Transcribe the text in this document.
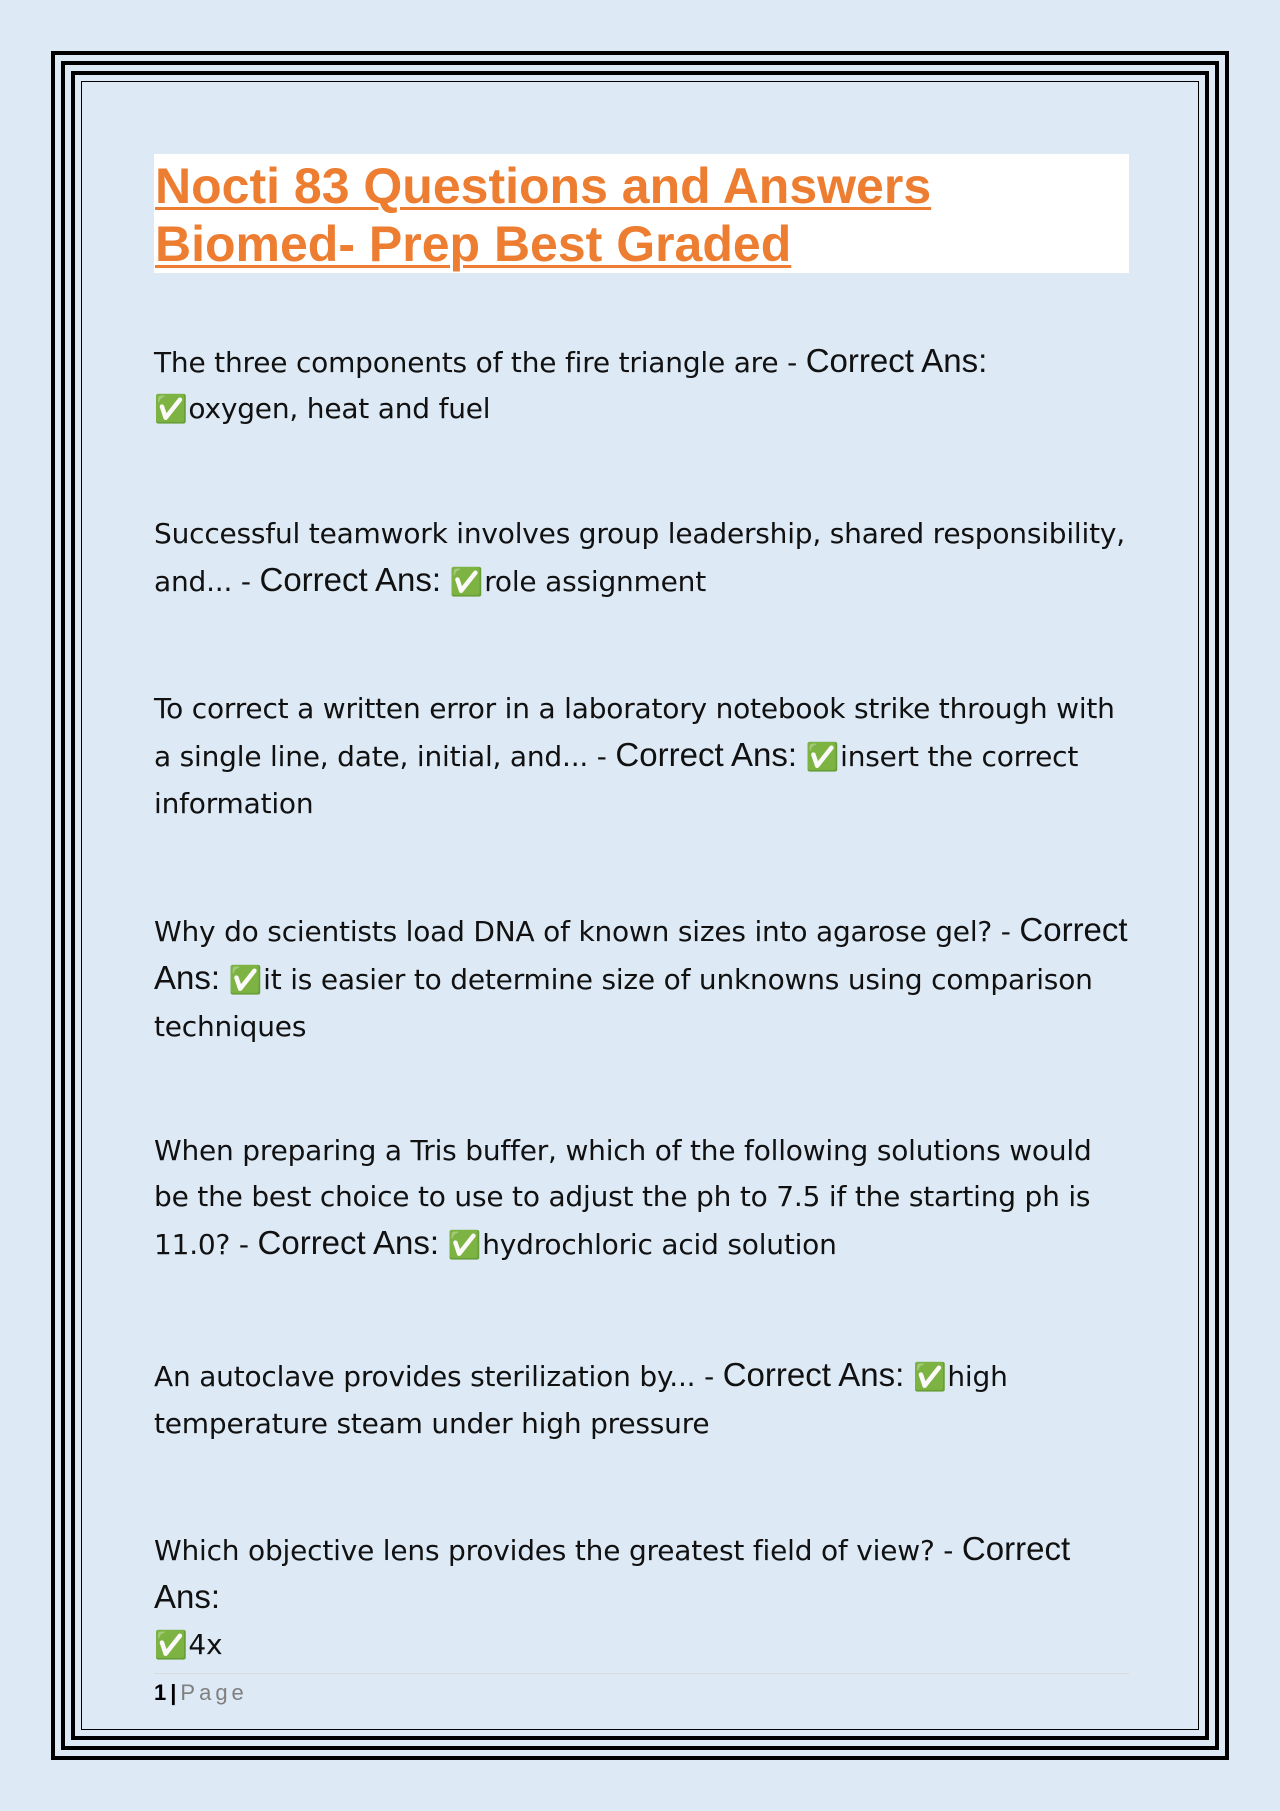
Nocti 83 Questions and Answers
Biomed- Prep Best Graded
The three components of the fire triangle are - Correct Ans:
✅oxygen, heat and fuel
Successful teamwork involves group leadership, shared responsibility, and... - Correct Ans: ✅role assignment
To correct a written error in a laboratory notebook strike through with a single line, date, initial, and... - Correct Ans: ✅insert the correct information
Why do scientists load DNA of known sizes into agarose gel? - Correct Ans: ✅it is easier to determine size of unknowns using comparison techniques
When preparing a Tris buffer, which of the following solutions would be the best choice to use to adjust the ph to 7.5 if the starting ph is 11.0? - Correct Ans: ✅hydrochloric acid solution
An autoclave provides sterilization by... - Correct Ans: ✅high temperature steam under high pressure
Which objective lens provides the greatest field of view? - Correct Ans:
✅4x
1 | Page
